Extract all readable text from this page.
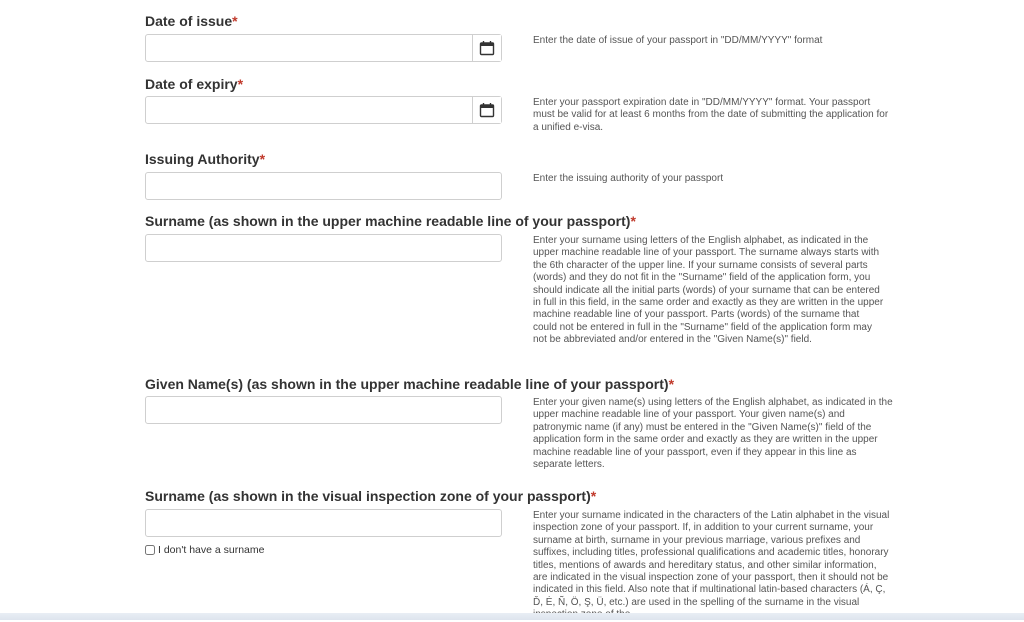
Date of issue*
Enter the date of issue of your passport in "DD/MM/YYYY" format
Date of expiry*
Enter your passport expiration date in "DD/MM/YYYY" format. Your passport must be valid for at least 6 months from the date of submitting the application for a unified e-visa.
Issuing Authority*
Enter the issuing authority of your passport
Surname (as shown in the upper machine readable line of your passport)*
Enter your surname using letters of the English alphabet, as indicated in the upper machine readable line of your passport. The surname always starts with the 6th character of the upper line. If your surname consists of several parts (words) and they do not fit in the "Surname" field of the application form, you should indicate all the initial parts (words) of your surname that can be entered in full in this field, in the same order and exactly as they are written in the upper machine readable line of your passport. Parts (words) of the surname that could not be entered in full in the "Surname" field of the application form may not be abbreviated and/or entered in the "Given Name(s)" field.
Given Name(s) (as shown in the upper machine readable line of your passport)*
Enter your given name(s) using letters of the English alphabet, as indicated in the upper machine readable line of your passport. Your given name(s) and patronymic name (if any) must be entered in the "Given Name(s)" field of the application form in the same order and exactly as they are written in the upper machine readable line of your passport, even if they appear in this line as separate letters.
Surname (as shown in the visual inspection zone of your passport)*
I don't have a surname
Enter your surname indicated in the characters of the Latin alphabet in the visual inspection zone of your passport. If, in addition to your current surname, your surname at birth, surname in your previous marriage, various prefixes and suffixes, including titles, professional qualifications and academic titles, honorary titles, mentions of awards and hereditary status, and other similar information, are indicated in the visual inspection zone of your passport, then it should not be indicated in this field. Also note that if multinational latin-based characters (Á, Ç, Ď, Ė, Ñ, Ö, Ş, Ü, etc.) are used in the spelling of the surname in the visual
